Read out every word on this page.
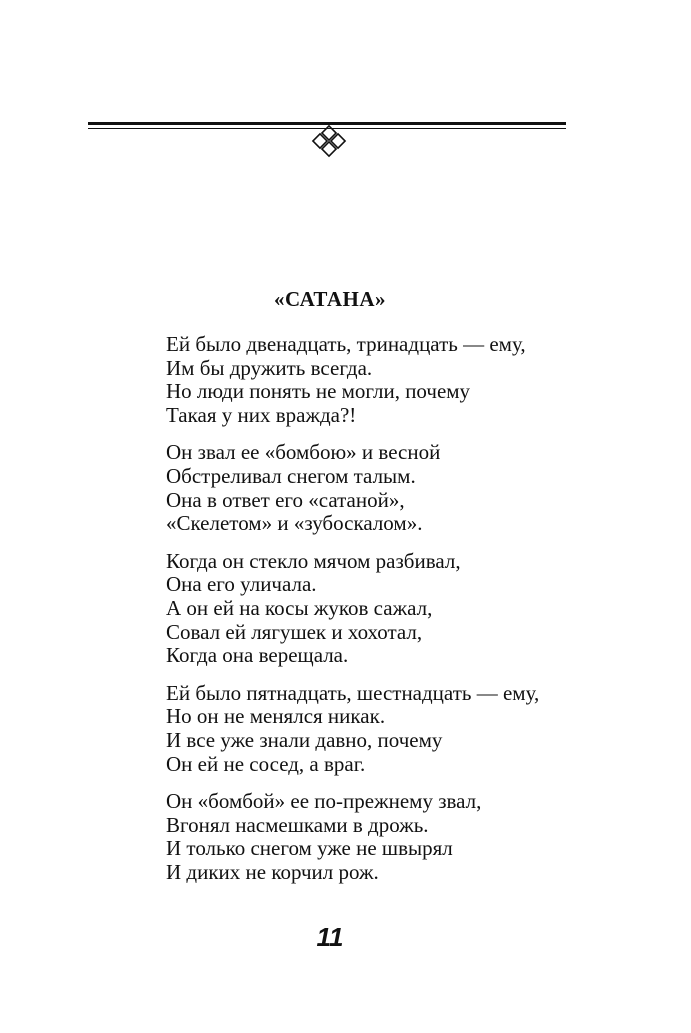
«САТАНА»
Ей было двенадцать, тринадцать — ему,
Им бы дружить всегда.
Но люди понять не могли, почему
Такая у них вражда?!
Он звал ее «бомбою» и весной
Обстреливал снегом талым.
Она в ответ его «сатаной»,
«Скелетом» и «зубоскалом».
Когда он стекло мячом разбивал,
Она его уличала.
А он ей на косы жуков сажал,
Совал ей лягушек и хохотал,
Когда она верещала.
Ей было пятнадцать, шестнадцать — ему,
Но он не менялся никак.
И все уже знали давно, почему
Он ей не сосед, а враг.
Он «бомбой» ее по-прежнему звал,
Вгонял насмешками в дрожь.
И только снегом уже не швырял
И диких не корчил рож.
11
